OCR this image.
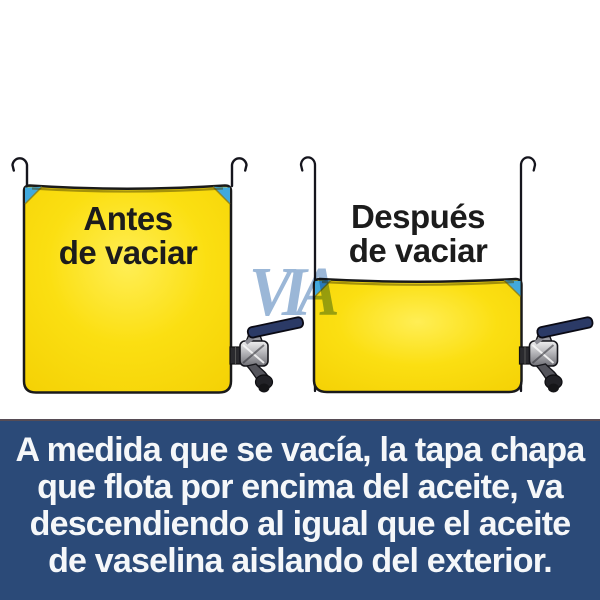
Antes
de vaciar
Después
de vaciar
VIA
A medida que se vacía, la tapa chapa
que flota por encima del aceite, va
descendiendo al igual que el aceite
de vaselina aislando del exterior.
